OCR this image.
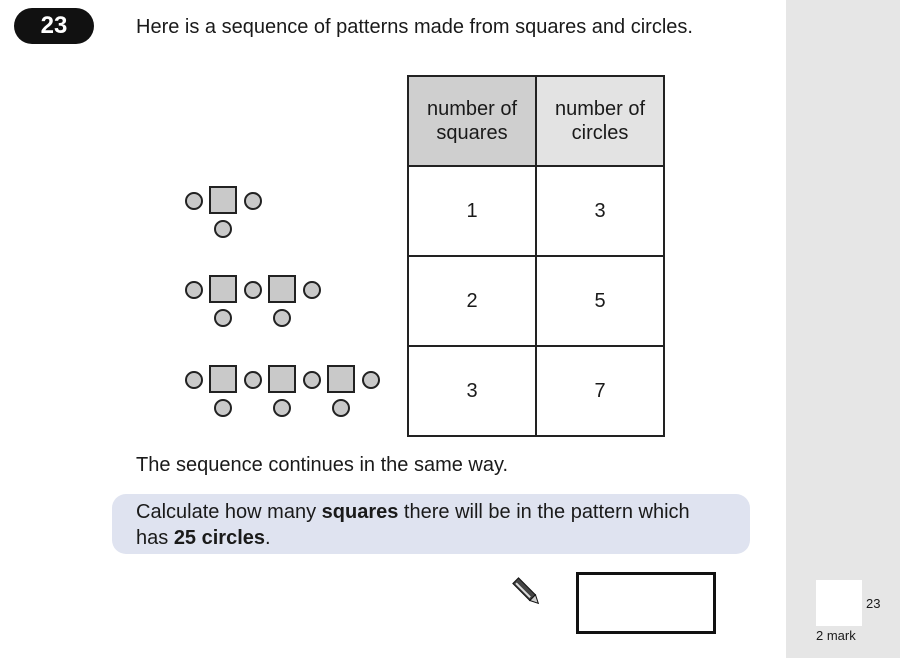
23	Here is a sequence of patterns made from squares and circles.
number of squares	number of circles
1	3
2	5
3	7
The sequence continues in the same way.
Calculate how many squares there will be in the pattern which has 25 circles.
23
2 mark
